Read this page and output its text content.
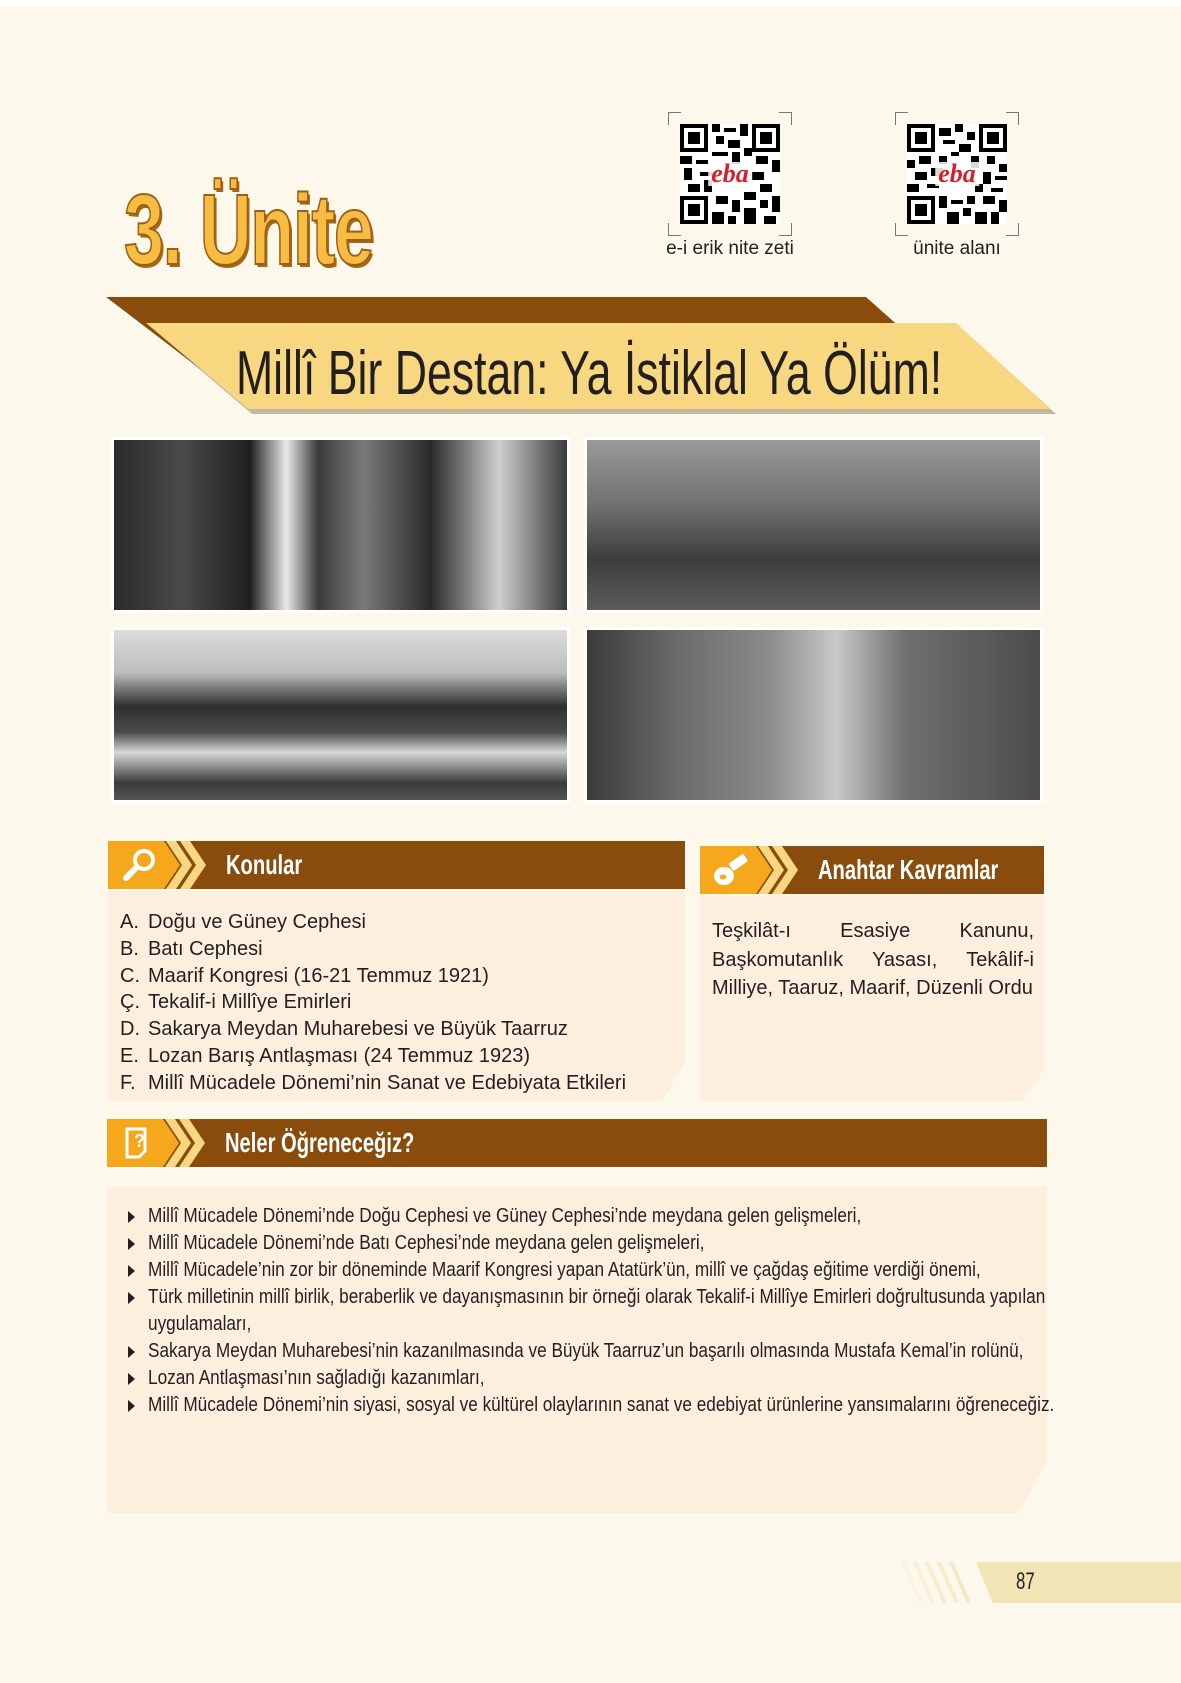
3. Ünite
eba
e-i erik nite zeti
eba
ünite alanı
Millî Bir Destan: Ya İstiklal Ya Ölüm!
Konular
A. Doğu ve Güney Cephesi
B. Batı Cephesi
C. Maarif Kongresi (16-21 Temmuz 1921)
Ç. Tekalif-i Millîye Emirleri
D. Sakarya Meydan Muharebesi ve Büyük Taarruz
E. Lozan Barış Antlaşması (24 Temmuz 1923)
F. Millî Mücadele Dönemi’nin Sanat ve Edebiyata Etkileri
Anahtar Kavramlar
Teşkilât-ı Esasiye Kanunu, Başkomutanlık Yasası, Tekâlif-i Milliye, Taaruz, Maarif, Düzenli Ordu
?	Neler Öğreneceğiz?
Millî Mücadele Dönemi’nde Doğu Cephesi ve Güney Cephesi’nde meydana gelen gelişmeleri,
Millî Mücadele Dönemi’nde Batı Cephesi’nde meydana gelen gelişmeleri,
Millî Mücadele’nin zor bir döneminde Maarif Kongresi yapan Atatürk’ün, millî ve çağdaş eğitime verdiği önemi,
Türk milletinin millî birlik, beraberlik ve dayanışmasının bir örneği olarak Tekalif-i Millîye Emirleri doğrultusunda yapılan uygulamaları,
Sakarya Meydan Muharebesi’nin kazanılmasında ve Büyük Taarruz’un başarılı olmasında Mustafa Kemal’in rolünü,
Lozan Antlaşması’nın sağladığı kazanımları,
Millî Mücadele Dönemi’nin siyasi, sosyal ve kültürel olaylarının sanat ve edebiyat ürünlerine yansımalarını öğreneceğiz.
87
